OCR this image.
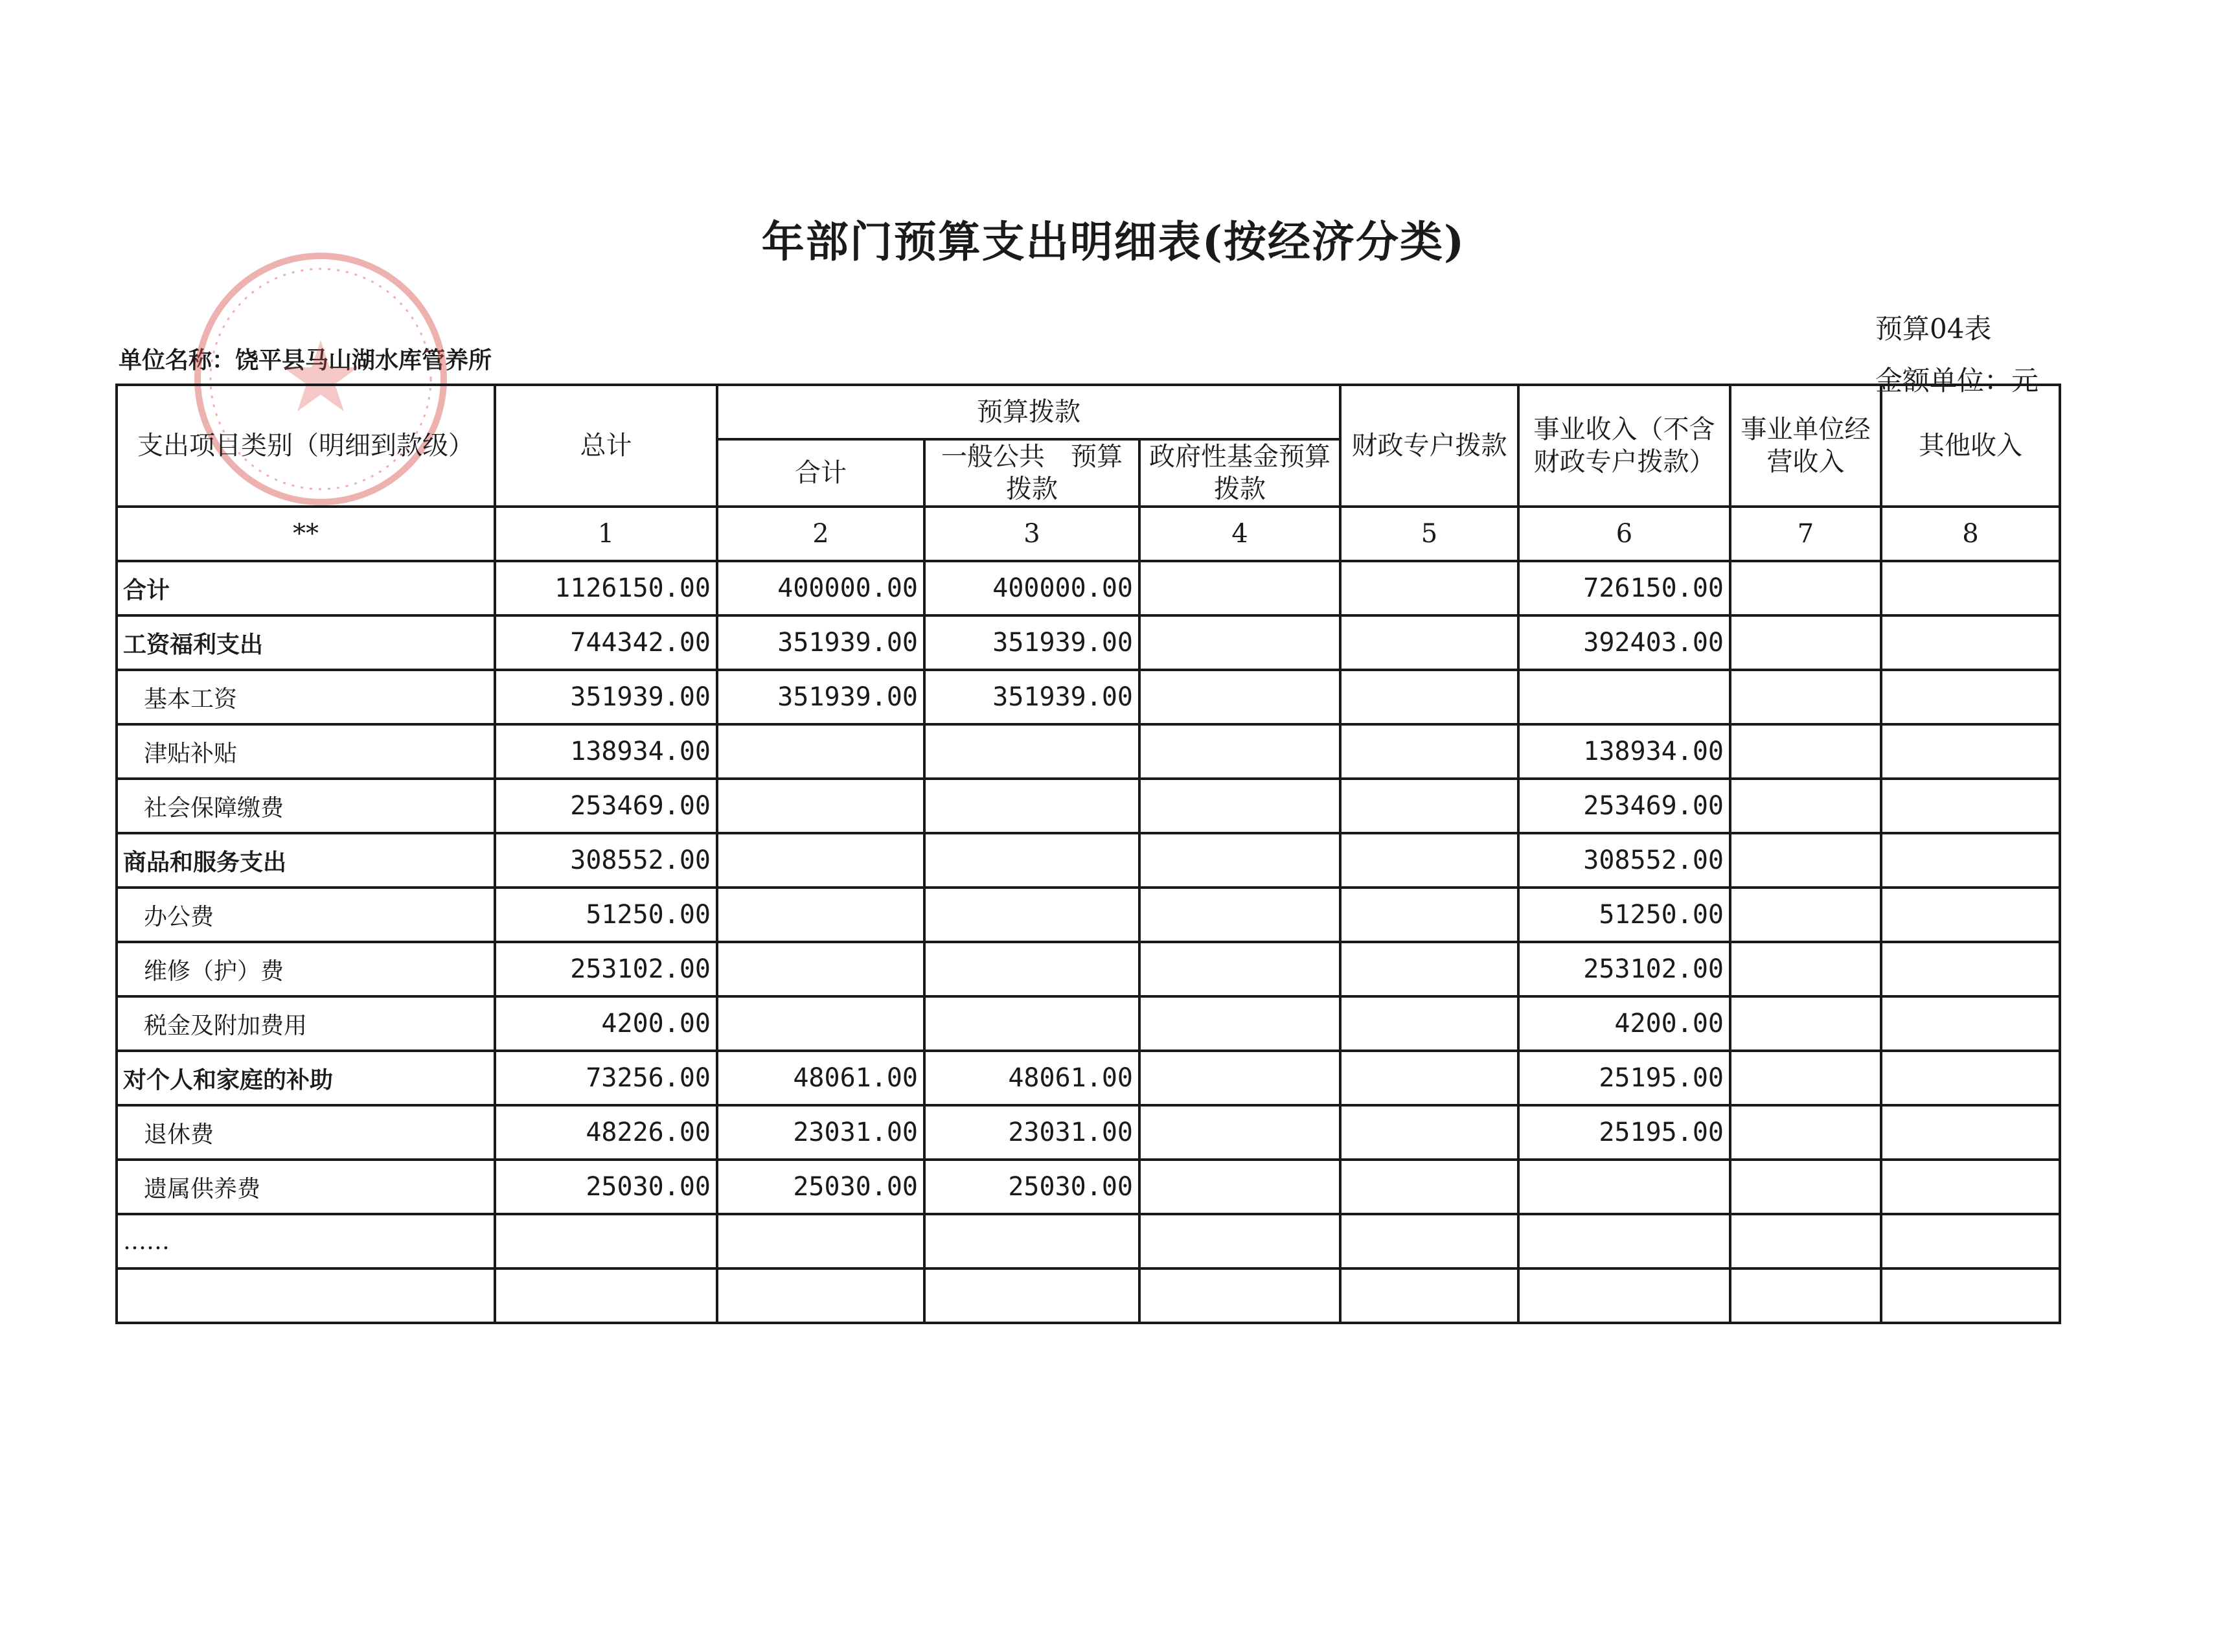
年部门预算支出明细表(按经济分类)
预算04表
金额单位：元
单位名称：饶平县马山湖水库管养所
支出项目类别（明细到款级）	总计	预算拨款			财政专户拨款	事业收入（不含财政专户拨款）	事业单位经营收入	其他收入
		合计	一般公共　预算拨款	政府性基金预算拨款				
**	1	2	3	4	5	6	7	8
合计	1126150.00	400000.00	400000.00			726150.00		
工资福利支出	744342.00	351939.00	351939.00			392403.00		
基本工资	351939.00	351939.00	351939.00					
津贴补贴	138934.00					138934.00		
社会保障缴费	253469.00					253469.00		
商品和服务支出	308552.00					308552.00		
办公费	51250.00					51250.00		
维修（护）费	253102.00					253102.00		
税金及附加费用	4200.00					4200.00		
对个人和家庭的补助	73256.00	48061.00	48061.00			25195.00		
退休费	48226.00	23031.00	23031.00			25195.00		
遗属供养费	25030.00	25030.00	25030.00					
……								
